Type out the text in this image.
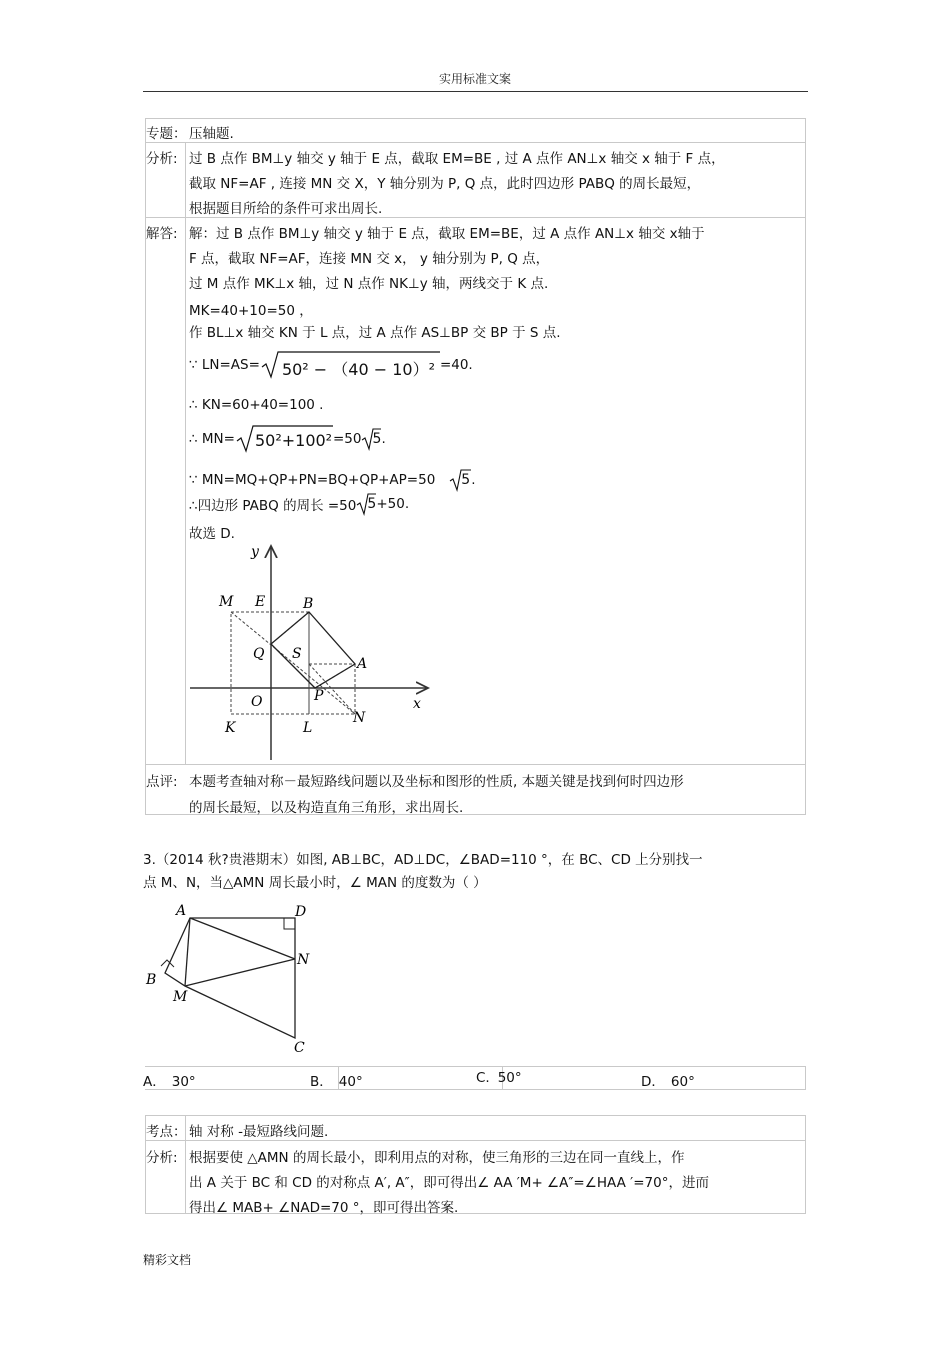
实用标准文案
专题： 压轴题.
分析: 过 B 点作 BM⊥y 轴交 y 轴于 E 点，截取 EM=BE , 过 A 点作 AN⊥x 轴交 x 轴于 F 点，
截取 NF=AF , 连接 MN 交 X，Y 轴分别为 P, Q 点，此时四边形 PABQ 的周长最短，
根据题目所给的条件可求出周长.
解答: 解：过 B 点作 BM⊥y 轴交 y 轴于 E 点，截取 EM=BE，过 A 点作 AN⊥x 轴交 x轴于
F 点，截取 NF=AF，连接 MN 交 x， y 轴分别为 P, Q 点，
过 M 点作 MK⊥x 轴，过 N 点作 NK⊥y 轴，两线交于 K 点.
MK=40+10=50 ，
作 BL⊥x 轴交 KN 于 L 点，过 A 点作 AS⊥BP 交 BP 于 S 点.
∵ LN=AS= 50² − （40 − 10）² =40.
∴ KN=60+40=100 .
∴ MN= 50²+100² =50 5 .
∵ MN=MQ+QP+PN=BQ+QP+AP=50 5 .
∴四边形 PABQ 的周长 =50 5 +50.
故选 D.
y
x
M E	B
Q S
A
O	P
N
K	L
点评: 本题考查轴对称－最短路线问题以及坐标和图形的性质, 本题关键是找到何时四边形
的周长最短，以及构造直角三角形，求出周长.
3.（2014 秋?贵港期末）如图, AB⊥BC，AD⊥DC，∠BAD=110 °，在 BC、CD 上分别找一
点 M、N，当△AMN 周长最小时，∠ MAN 的度数为（ ）
A	D
B
M
N
C
A． 30°	B． 40°	C. 50°	D． 60°
考点： 轴 对称 -最短路线问题.
分析: 根据要使 △AMN 的周长最小，即利用点的对称，使三角形的三边在同一直线上，作
出 A 关于 BC 和 CD 的对称点 A′, A″，即可得出∠ AA ′M+ ∠A″=∠HAA ′=70°，进而
得出∠ MAB+ ∠NAD=70 °，即可得出答案.
精彩文档
